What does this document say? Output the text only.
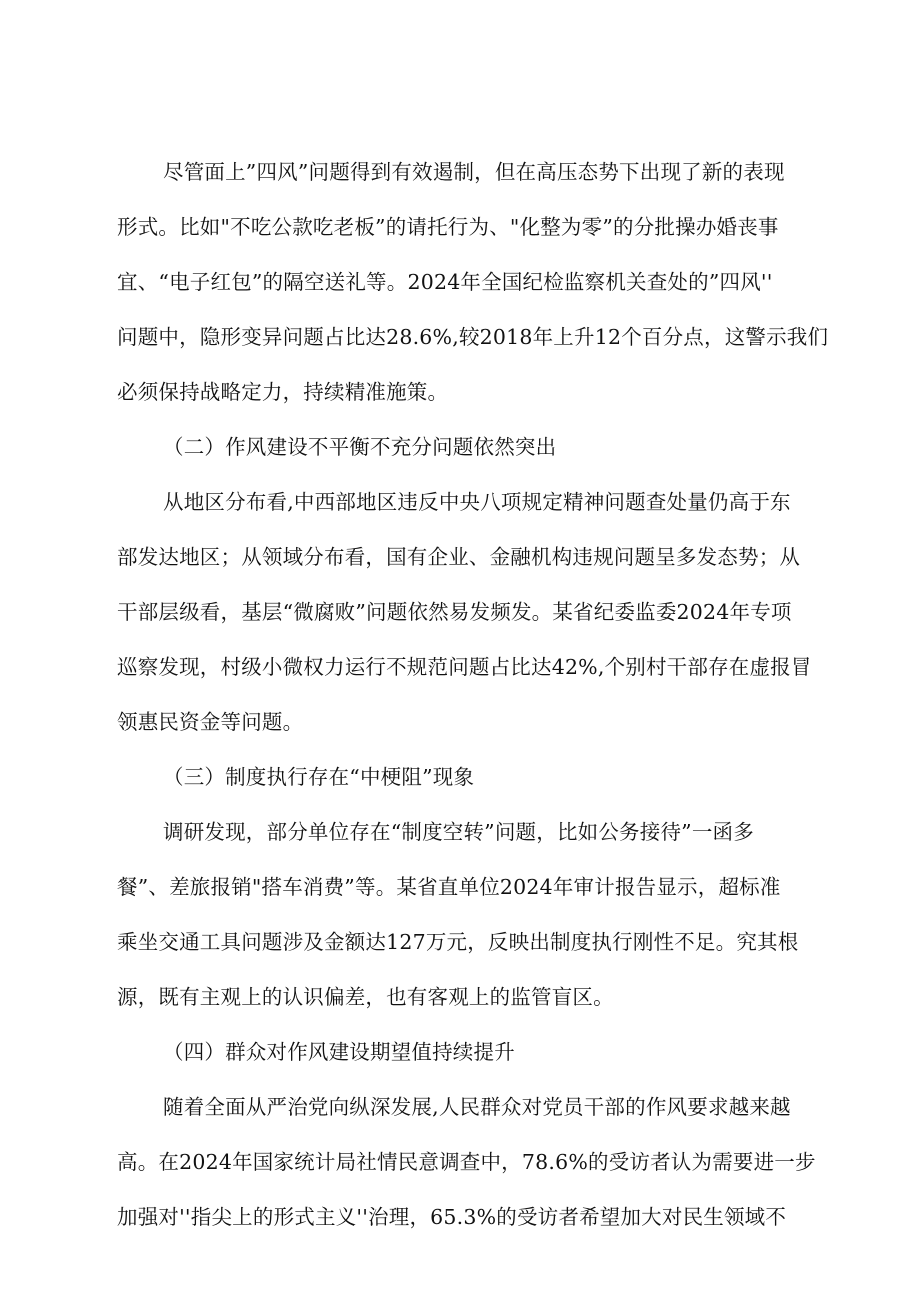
尽管面上”四风”问题得到有效遏制，但在高压态势下出现了新的表现
形式。比如"不吃公款吃老板”的请托行为、"化整为零”的分批操办婚丧事
宜、“电子红包”的隔空送礼等。2024年全国纪检监察机关查处的”四风''
问题中，隐形变异问题占比达28.6%,较2018年上升12个百分点，这警示我们
必须保持战略定力，持续精准施策。
（二）作风建设不平衡不充分问题依然突出
从地区分布看,中西部地区违反中央八项规定精神问题查处量仍高于东
部发达地区；从领域分布看，国有企业、金融机构违规问题呈多发态势；从
干部层级看，基层“微腐败”问题依然易发频发。某省纪委监委2024年专项
巡察发现，村级小微权力运行不规范问题占比达42%,个别村干部存在虚报冒
领惠民资金等问题。
（三）制度执行存在“中梗阻”现象
调研发现，部分单位存在“制度空转”问题，比如公务接待”一函多
餐”、差旅报销"搭车消费”等。某省直单位2024年审计报告显示，超标准
乘坐交通工具问题涉及金额达127万元，反映出制度执行刚性不足。究其根
源，既有主观上的认识偏差，也有客观上的监管盲区。
（四）群众对作风建设期望值持续提升
随着全面从严治党向纵深发展,人民群众对党员干部的作风要求越来越
高。在2024年国家统计局社情民意调查中，78.6%的受访者认为需要进一步
加强对''指尖上的形式主义''治理，65.3%的受访者希望加大对民生领域不
